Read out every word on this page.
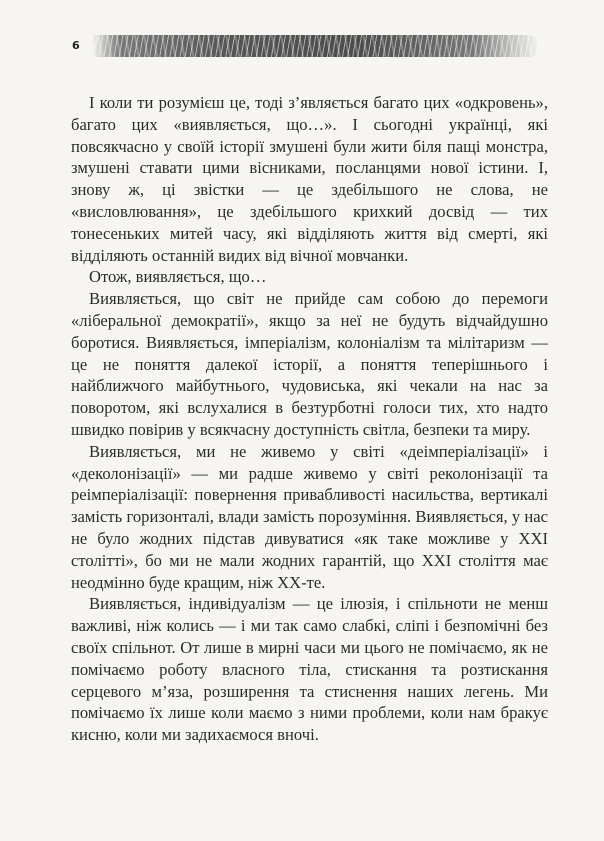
6

І коли ти розумієш це, тоді з’являється багато цих «одкровень», багато цих «виявляється, що…». І сьогодні українці, які повсякчасно у своїй історії змушені були жити біля пащі монстра, змушені ставати цими вісниками, посланцями нової істини. І, знову ж, ці звістки — це здебільшого не слова, не «висловлювання», це здебільшого крихкий досвід — тих тонесеньких митей часу, які відділяють життя від смерті, які відділяють останній видих від вічної мовчанки.

Отож, виявляється, що…

Виявляється, що світ не прийде сам собою до перемоги «ліберальної демократії», якщо за неї не будуть відчайдушно боротися. Виявляється, імперіалізм, колоніалізм та мілітаризм — це не поняття далекої історії, а поняття теперішнього і найближчого майбутнього, чудовиська, які чекали на нас за поворотом, які вслухалися в безтурботні голоси тих, хто надто швидко повірив у всякчасну доступність світла, безпеки та миру.

Виявляється, ми не живемо у світі «деімперіалізації» і «деколонізації» — ми радше живемо у світі реколонізації та реімперіалізації: повернення привабливості насильства, вертикалі замість горизонталі, влади замість порозуміння. Виявляється, у нас не було жодних підстав дивуватися «як таке можливе у XXI столітті», бо ми не мали жодних гарантій, що XXI століття має неодмінно буде кращим, ніж XX-те.

Виявляється, індивідуалізм — це ілюзія, і спільноти не менш важливі, ніж колись — і ми так само слабкі, сліпі і безпомічні без своїх спільнот. От лише в мирні часи ми цього не помічаємо, як не помічаємо роботу власного тіла, стискання та розтискання серцевого м’яза, розширення та стиснення наших легень. Ми помічаємо їх лише коли маємо з ними проблеми, коли нам бракує кисню, коли ми задихаємося вночі.
